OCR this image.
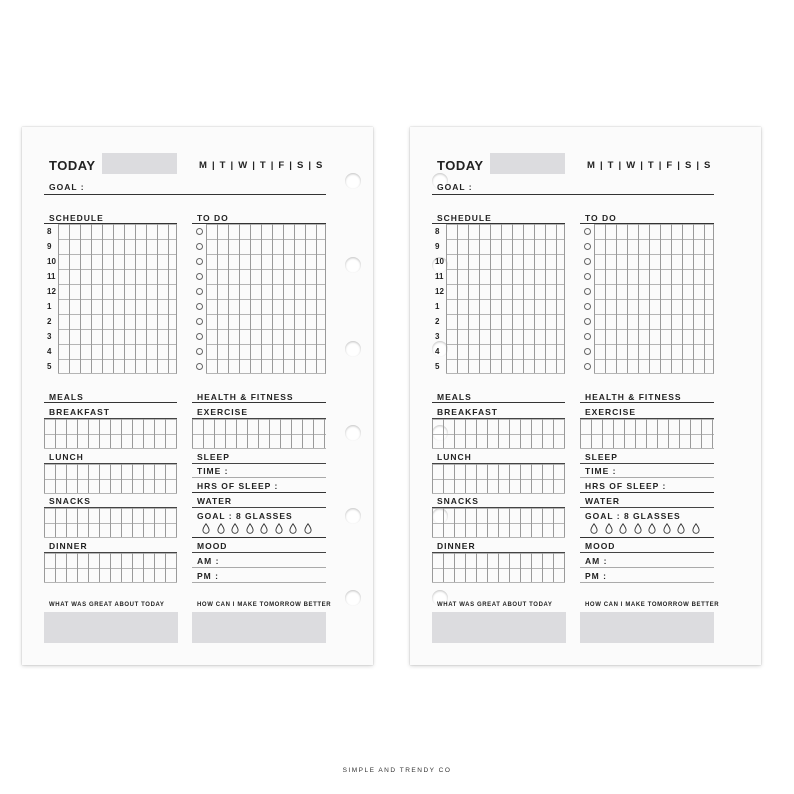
TODAY	M | T | W | T | F | S | S
GOAL :
SCHEDULE	TO DO
8
9
10
11
12
1
2
3
4
5
MEALS
BREAKFAST
LUNCH
SNACKS
DINNER
HEALTH & FITNESS
EXERCISE
SLEEP
TIME :
HRS OF SLEEP :
WATER
GOAL : 8 GLASSES
MOOD
AM :
PM :
WHAT WAS GREAT ABOUT TODAY	HOW CAN I MAKE TOMORROW BETTER
TODAY	M | T | W | T | F | S | S
GOAL :
SCHEDULE	TO DO
8
9
10
11
12
1
2
3
4
5
MEALS
BREAKFAST
LUNCH
SNACKS
DINNER
HEALTH & FITNESS
EXERCISE
SLEEP
TIME :
HRS OF SLEEP :
WATER
GOAL : 8 GLASSES
MOOD
AM :
PM :
WHAT WAS GREAT ABOUT TODAY	HOW CAN I MAKE TOMORROW BETTER
SIMPLE AND TRENDY CO
